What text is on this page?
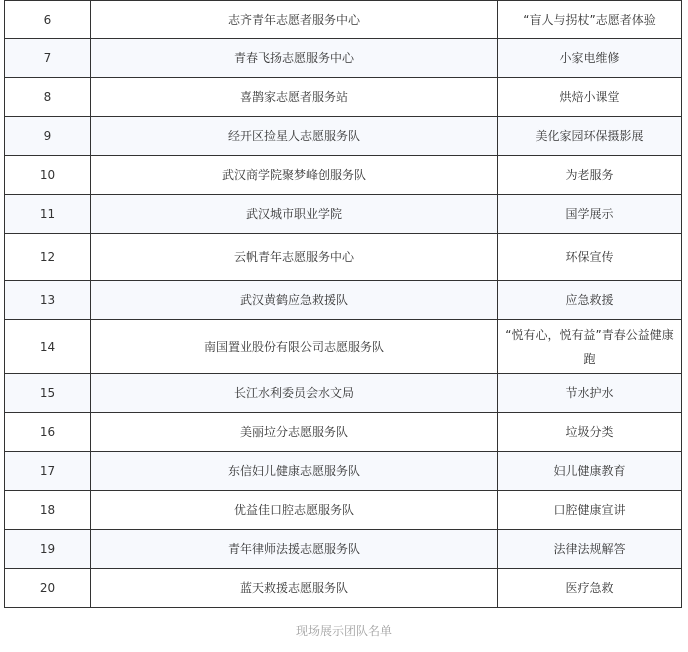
6	志齐青年志愿者服务中心	“盲人与拐杖”志愿者体验
7	青春飞扬志愿服务中心	小家电维修
8	喜鹊家志愿者服务站	烘焙小课堂
9	经开区捡星人志愿服务队	美化家园环保摄影展
10	武汉商学院聚梦峰创服务队	为老服务
11	武汉城市职业学院	国学展示
12	云帆青年志愿服务中心	环保宣传
13	武汉黄鹤应急救援队	应急救援
14	南国置业股份有限公司志愿服务队	“悦有心，悦有益”青春公益健康跑
15	长江水利委员会水文局	节水护水
16	美丽垃分志愿服务队	垃圾分类
17	东信妇儿健康志愿服务队	妇儿健康教育
18	优益佳口腔志愿服务队	口腔健康宣讲
19	青年律师法援志愿服务队	法律法规解答
20	蓝天救援志愿服务队	医疗急救
现场展示团队名单
